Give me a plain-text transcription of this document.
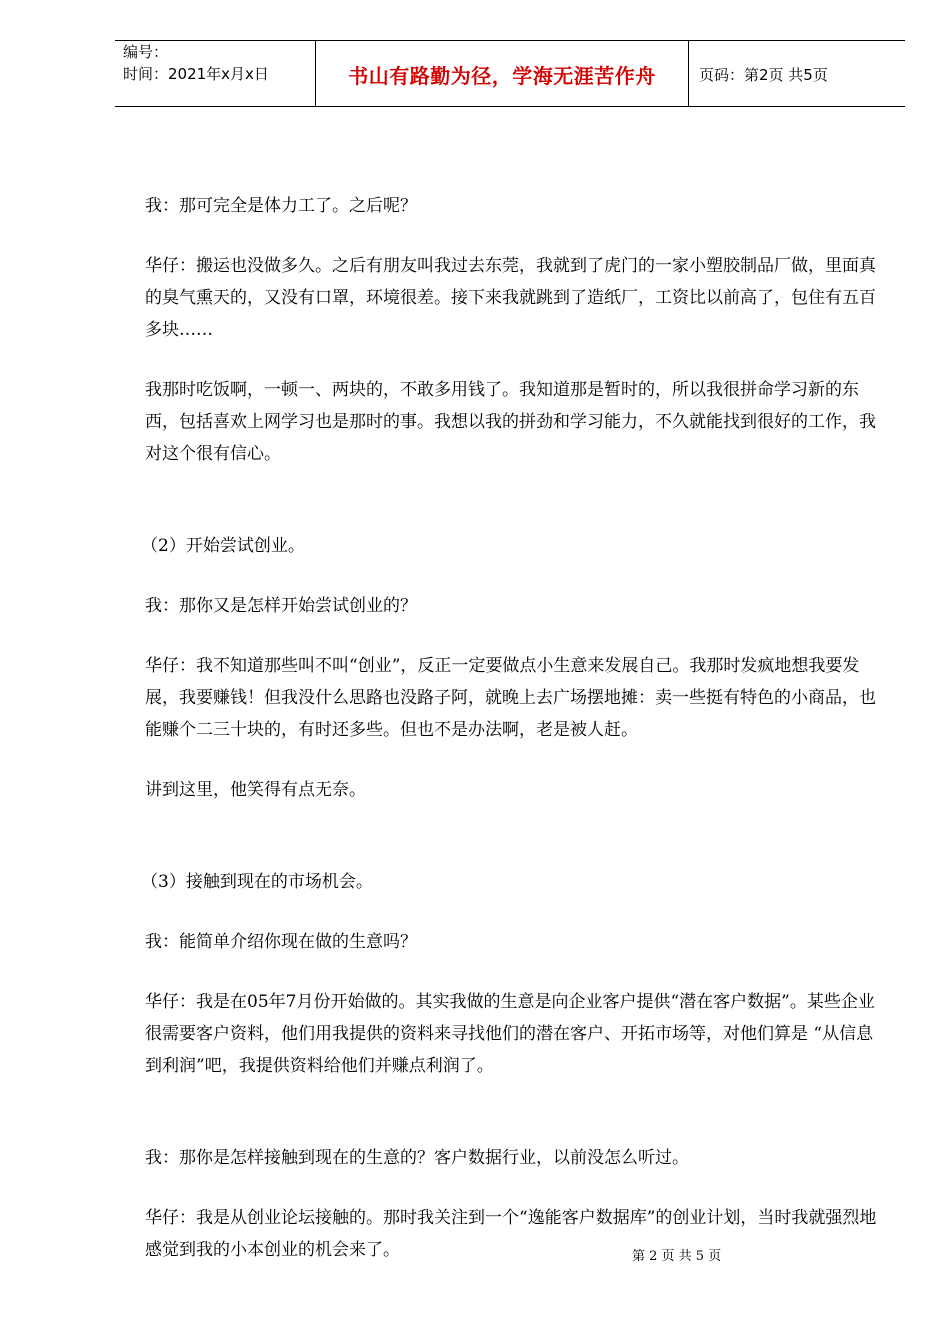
编号：
时间：2021年x月x日	书山有路勤为径，学海无涯苦作舟	页码：第2页 共5页

我：那可完全是体力工了。之后呢？

华仔：搬运也没做多久。之后有朋友叫我过去东莞，我就到了虎门的一家小塑胶制品厂做，里面真的臭气熏天的，又没有口罩，环境很差。接下来我就跳到了造纸厂，工资比以前高了，包住有五百多块……

我那时吃饭啊，一顿一、两块的，不敢多用钱了。我知道那是暂时的，所以我很拼命学习新的东西，包括喜欢上网学习也是那时的事。我想以我的拼劲和学习能力，不久就能找到很好的工作，我对这个很有信心。

（2）开始尝试创业。

我：那你又是怎样开始尝试创业的？

华仔：我不知道那些叫不叫“创业”，反正一定要做点小生意来发展自己。我那时发疯地想我要发展，我要赚钱！但我没什么思路也没路子阿，就晚上去广场摆地摊：卖一些挺有特色的小商品，也能赚个二三十块的，有时还多些。但也不是办法啊，老是被人赶。

讲到这里，他笑得有点无奈。

（3）接触到现在的市场机会。

我：能简单介绍你现在做的生意吗？

华仔：我是在05年7月份开始做的。其实我做的生意是向企业客户提供“潜在客户数据”。某些企业很需要客户资料，他们用我提供的资料来寻找他们的潜在客户、开拓市场等，对他们算是 “从信息到利润”吧，我提供资料给他们并赚点利润了。

我：那你是怎样接触到现在的生意的？客户数据行业，以前没怎么听过。

华仔：我是从创业论坛接触的。那时我关注到一个“逸能客户数据库”的创业计划，当时我就强烈地感觉到我的小本创业的机会来了。	第 2 页 共 5 页
